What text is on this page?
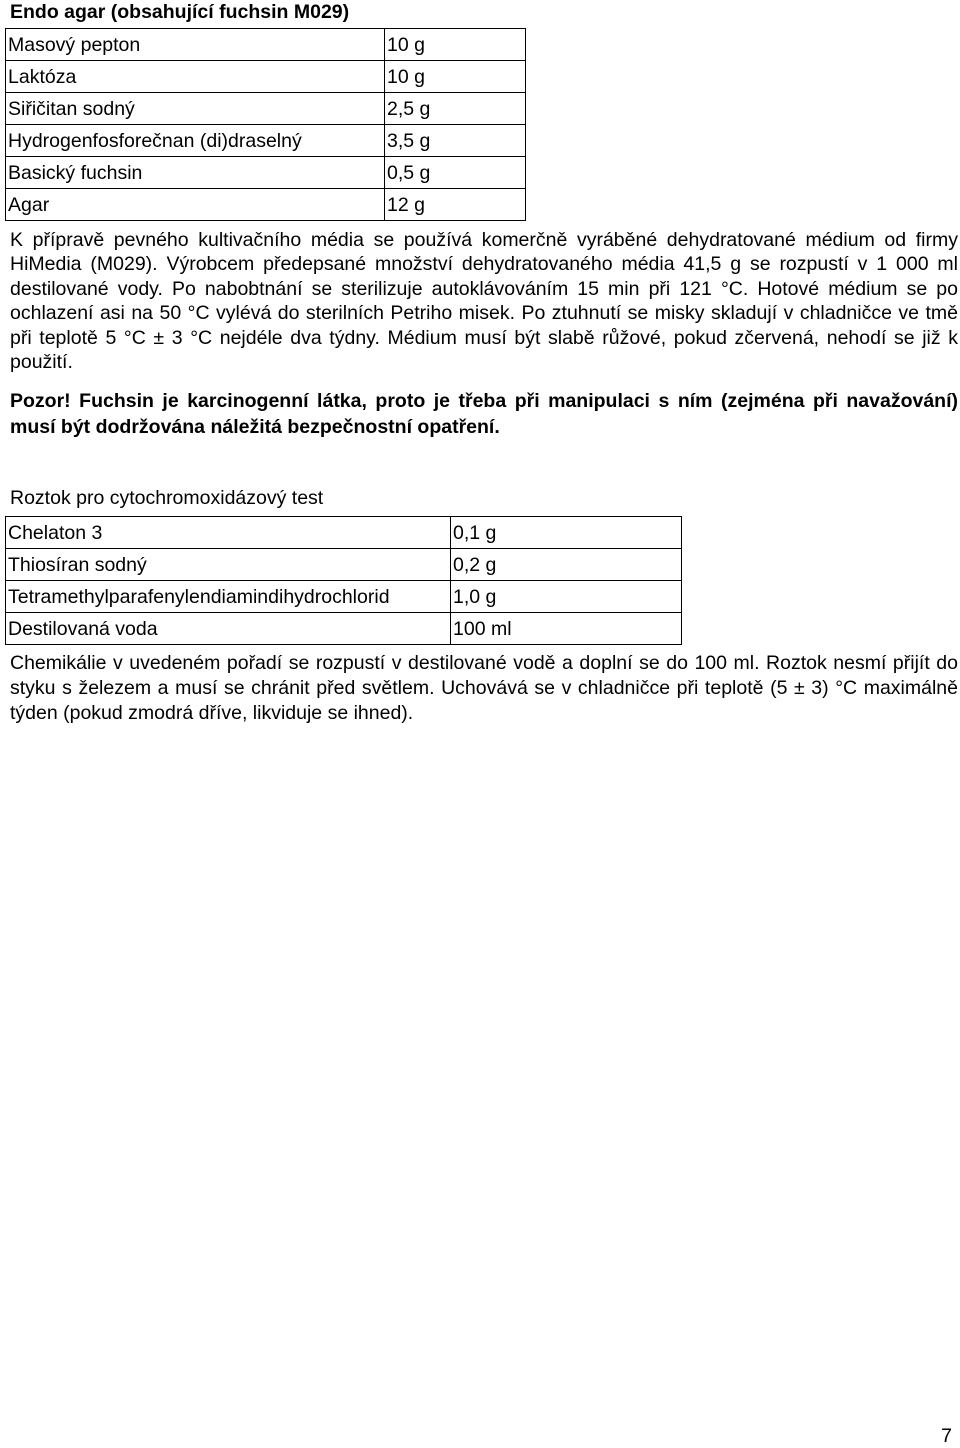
Endo agar (obsahující fuchsin M029)
Masový pepton	10 g
Laktóza	10 g
Siřičitan sodný	2,5 g
Hydrogenfosforečnan (di)draselný	3,5 g
Basický fuchsin	0,5 g
Agar	12 g

K přípravě pevného kultivačního média se používá komerčně vyráběné dehydratované médium od firmy HiMedia (M029). Výrobcem předepsané množství dehydratovaného média 41,5 g se rozpustí v 1 000 ml destilované vody. Po nabobtnání se sterilizuje autoklávováním 15 min při 121 °C. Hotové médium se po ochlazení asi na 50 °C vylévá do sterilních Petriho misek. Po ztuhnutí se misky skladují v chladničce ve tmě při teplotě 5 °C ± 3 °C nejdéle dva týdny. Médium musí být slabě růžové, pokud zčervená, nehodí se již k použití.

Pozor! Fuchsin je karcinogenní látka, proto je třeba při manipulaci s ním (zejména při navažování) musí být dodržována náležitá bezpečnostní opatření.

Roztok pro cytochromoxidázový test
Chelaton 3	0,1 g
Thiosíran sodný	0,2 g
Tetramethylparafenylendiamindihydrochlorid	1,0 g
Destilovaná voda	100 ml

Chemikálie v uvedeném pořadí se rozpustí v destilované vodě a doplní se do 100 ml. Roztok nesmí přijít do styku s železem a musí se chránit před světlem. Uchovává se v chladničce při teplotě (5 ± 3) °C maximálně týden (pokud zmodrá dříve, likviduje se ihned).

7
